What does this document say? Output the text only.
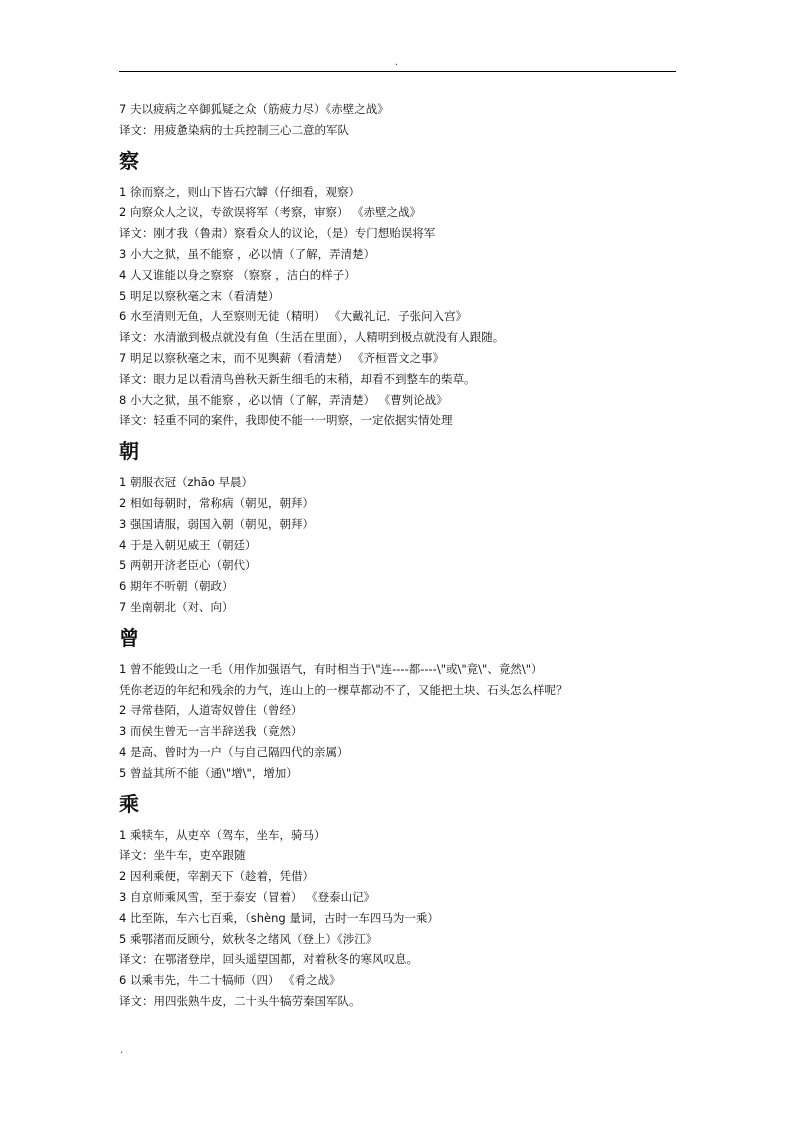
.
7 夫以疲病之卒御狐疑之众（筋疲力尽）《赤壁之战》
译文：用疲惫染病的士兵控制三心二意的军队
察
1 徐而察之，则山下皆石穴罅（仔细看，观察）
2 向察众人之议，专欲误将军（考察，审察） 《赤壁之战》
译文：刚才我（鲁肃）察看众人的议论，（是）专门想贻误将军
3 小大之狱，虽不能察 ，必以情（了解，弄清楚）
4 人又谁能以身之察察 （察察 ，洁白的样子）
5 明足以察秋毫之末（看清楚）
6 水至清则无鱼，人至察则无徒（精明） 《大戴礼记．子张问入宫》
译文：水清澈到极点就没有鱼（生活在里面），人精明到极点就没有人跟随。
7 明足以察秋毫之末，而不见舆薪（看清楚） 《齐桓晋文之事》
译文：眼力足以看清鸟兽秋天新生细毛的末稍，却看不到整车的柴草。
8 小大之狱，虽不能察 ，必以情（了解，弄清楚） 《曹刿论战》
译文：轻重不同的案件，我即使不能一一明察，一定依据实情处理
朝
1 朝服衣冠（zhāo 早晨）
2 相如每朝时，常称病（朝见，朝拜）
3 强国请服，弱国入朝（朝见，朝拜）
4 于是入朝见威王（朝廷）
5 两朝开济老臣心（朝代）
6 期年不听朝（朝政）
7 坐南朝北（对、向）
曾
1 曾不能毁山之一毛（用作加强语气，有时相当于\"连----都----\"或\"竟\"、竟然\"）
凭你老迈的年纪和残余的力气，连山上的一棵草都动不了，又能把土块、石头怎么样呢？
2 寻常巷陌，人道寄奴曾住（曾经）
3 而侯生曾无一言半辞送我（竟然）
4 是高、曾时为一户（与自己隔四代的亲属）
5 曾益其所不能（通\"增\"，增加）
乘
1 乘犊车，从吏卒（驾车，坐车，骑马）
译文：坐牛车，吏卒跟随
2 因利乘便，宰割天下（趁着，凭借）
3 自京师乘风雪，至于泰安（冒着） 《登泰山记》
4 比至陈，车六七百乘，（shèng 量词，古时一车四马为一乘）
5 乘鄂渚而反顾兮，欸秋冬之绪风（登上）《涉江》
译文：在鄂渚登岸，回头遥望国都，对着秋冬的寒风叹息。
6 以乘韦先，牛二十犒师（四） 《肴之战》
译文：用四张熟牛皮，二十头牛犒劳秦国军队。
.
